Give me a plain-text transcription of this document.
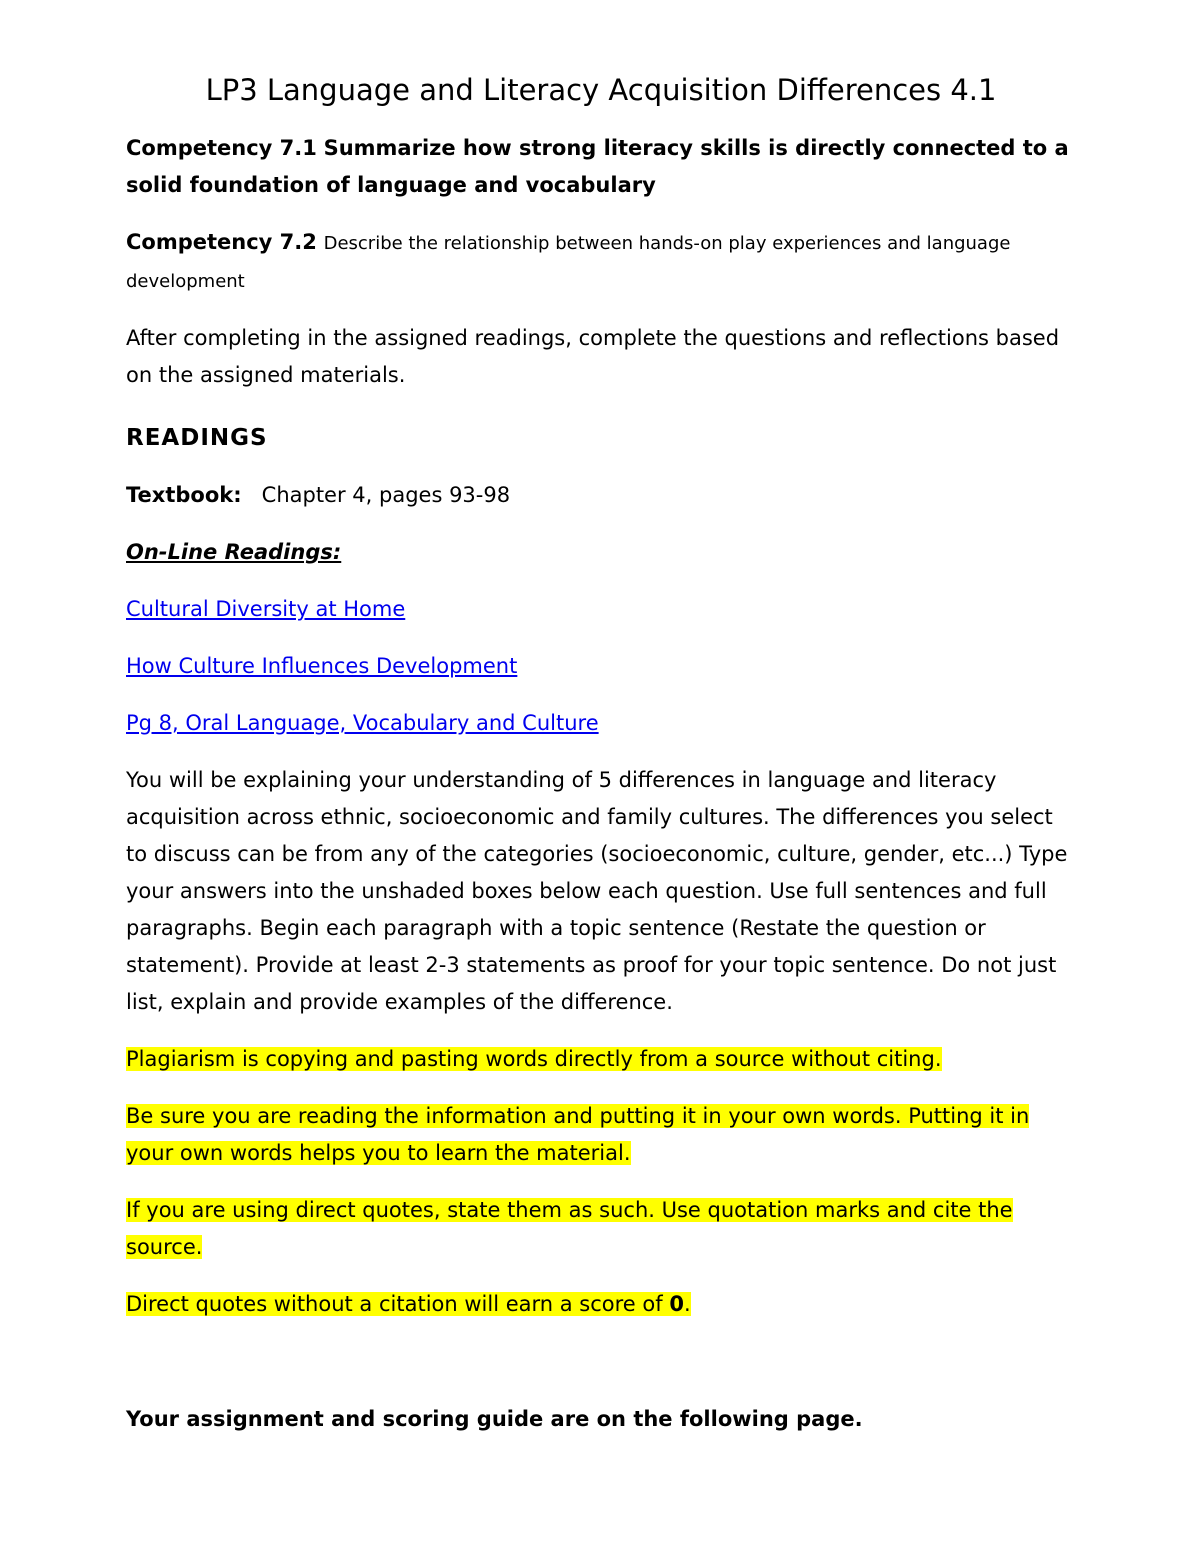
LP3 Language and Literacy Acquisition Differences 4.1
Competency 7.1 Summarize how strong literacy skills is directly connected to a solid foundation of language and vocabulary
Competency 7.2 Describe the relationship between hands-on play experiences and language development
After completing in the assigned readings, complete the questions and reflections based on the assigned materials.
READINGS
Textbook: Chapter 4, pages 93-98
On-Line Readings:
Cultural Diversity at Home
How Culture Influences Development
Pg 8, Oral Language, Vocabulary and Culture
You will be explaining your understanding of 5 differences in language and literacy acquisition across ethnic, socioeconomic and family cultures. The differences you select to discuss can be from any of the categories (socioeconomic, culture, gender, etc...) Type your answers into the unshaded boxes below each question. Use full sentences and full paragraphs. Begin each paragraph with a topic sentence (Restate the question or statement). Provide at least 2-3 statements as proof for your topic sentence. Do not just list, explain and provide examples of the difference.
Plagiarism is copying and pasting words directly from a source without citing.
Be sure you are reading the information and putting it in your own words. Putting it in your own words helps you to learn the material.
If you are using direct quotes, state them as such. Use quotation marks and cite the source.
Direct quotes without a citation will earn a score of 0.
Your assignment and scoring guide are on the following page.
